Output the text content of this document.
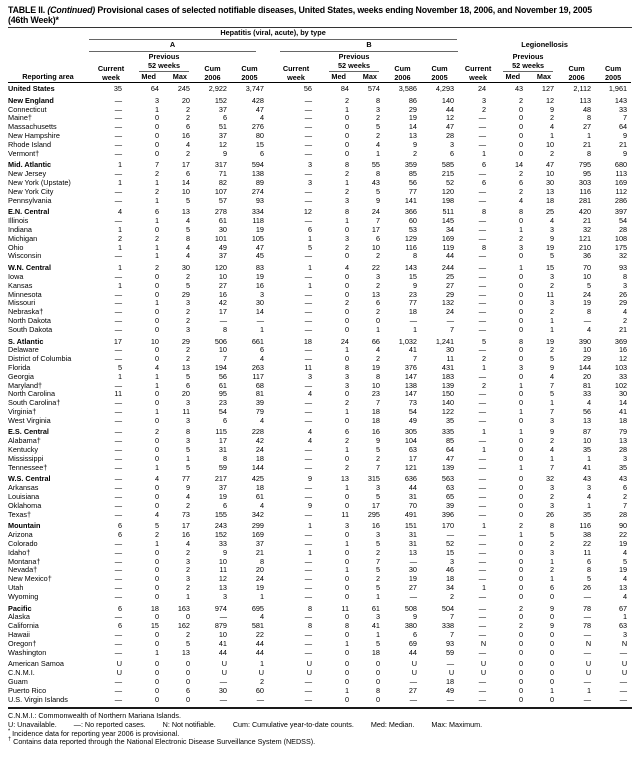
TABLE II. (Continued) Provisional cases of selected notifiable diseases, United States, weeks ending November 18, 2006, and November 19, 2005
(46th Week)*
Reporting area	Hepatitis (viral, acute), by type														

	A					B					Legionellosis				
Current
week	
Previous
52 weeks	Cum
2006	Cum
2005	Current
week	
Previous
52 weeks	Cum
2006	Cum
2005	Current
week	
Previous
52 weeks	Cum
2006	Cum
2005
		Med	Max				Med	Max				Med	Max		
United States	35	64	245	2,922	3,747	56	84	574	3,586	4,293	24	43	127	2,112	1,961
New England	—	3	20	152	428	—	2	8	86	140	3	2	12	113	143
Connecticut	—	1	2	37	47	—	1	3	29	44	2	0	9	48	33
Maine†	—	0	2	6	4	—	0	2	19	12	—	0	2	8	7
Massachusetts	—	0	6	51	276	—	0	5	14	47	—	0	4	27	64
New Hampshire	—	0	16	37	80	—	0	2	13	28	—	0	1	1	9
Rhode Island	—	0	4	12	15	—	0	4	9	3	—	0	10	21	21
Vermont†	—	0	2	9	6	—	0	1	2	6	1	0	2	8	9
Mid. Atlantic	1	7	17	317	594	3	8	55	359	585	6	14	47	795	680
New Jersey	—	2	6	71	138	—	2	8	85	215	—	2	10	95	113
New York (Upstate)	1	1	14	82	89	3	1	43	56	52	6	6	30	303	169
New York City	—	2	10	107	274	—	2	5	77	120	—	2	13	116	112
Pennsylvania	—	1	5	57	93	—	3	9	141	198	—	4	18	281	286
E.N. Central	4	6	13	278	334	12	8	24	366	511	8	8	25	420	397
Illinois	—	1	4	61	118	—	1	7	60	145	—	0	4	21	54
Indiana	1	0	5	30	19	6	0	17	53	34	—	1	3	32	28
Michigan	2	2	8	101	105	1	3	6	129	169	—	2	9	121	108
Ohio	1	1	4	49	47	5	2	10	116	119	8	3	19	210	175
Wisconsin	—	1	4	37	45	—	0	2	8	44	—	0	5	36	32
W.N. Central	1	2	30	120	83	1	4	22	143	244	—	1	15	70	93
Iowa	—	0	2	10	19	—	0	3	15	25	—	0	3	10	8
Kansas	1	0	5	27	16	1	0	2	9	27	—	0	2	5	3
Minnesota	—	0	29	16	3	—	0	13	23	29	—	0	11	24	26
Missouri	—	1	3	42	30	—	2	6	77	132	—	0	3	19	29
Nebraska†	—	0	2	17	14	—	0	2	18	24	—	0	2	8	4
North Dakota	—	0	2	—	—	—	0	0	—	—	—	0	1	—	2
South Dakota	—	0	3	8	1	—	0	1	1	7	—	0	1	4	21
S. Atlantic	17	10	29	506	661	18	24	66	1,032	1,241	5	8	19	390	369
Delaware	—	0	2	10	6	—	1	4	41	30	—	0	2	10	16
District of Columbia	—	0	2	7	4	—	0	2	7	11	2	0	5	29	12
Florida	5	4	13	194	263	11	8	19	376	431	1	3	9	144	103
Georgia	1	1	5	56	117	3	3	8	147	183	—	0	4	20	33
Maryland†	—	1	6	61	68	—	3	10	138	139	2	1	7	81	102
North Carolina	11	0	20	95	81	4	0	23	147	150	—	0	5	33	30
South Carolina†	—	0	3	23	39	—	2	7	73	140	—	0	1	4	14
Virginia†	—	1	11	54	79	—	1	18	54	122	—	1	7	56	41
West Virginia	—	0	3	6	4	—	0	18	49	35	—	0	3	13	18
E.S. Central	—	2	8	115	228	4	6	16	305	335	1	1	9	87	79
Alabama†	—	0	3	17	42	4	2	9	104	85	—	0	2	10	13
Kentucky	—	0	5	31	24	—	1	5	63	64	1	0	4	35	28
Mississippi	—	0	1	8	18	—	0	2	17	47	—	0	1	1	3
Tennessee†	—	1	5	59	144	—	2	7	121	139	—	1	7	41	35
W.S. Central	—	4	77	217	425	9	13	315	636	563	—	0	32	43	43
Arkansas	—	0	9	37	18	—	1	3	44	63	—	0	3	3	6
Louisiana	—	0	4	19	61	—	0	5	31	65	—	0	2	4	2
Oklahoma	—	0	2	6	4	9	0	17	70	39	—	0	3	1	7
Texas†	—	4	73	155	342	—	11	295	491	396	—	0	26	35	28
Mountain	6	5	17	243	299	1	3	16	151	170	1	2	8	116	90
Arizona	6	2	16	152	169	—	0	3	31	—	—	1	5	38	22
Colorado	—	1	4	33	37	—	1	5	31	52	—	0	2	22	19
Idaho†	—	0	2	9	21	1	0	2	13	15	—	0	3	11	4
Montana†	—	0	3	10	8	—	0	7	—	3	—	0	1	6	5
Nevada†	—	0	2	11	20	—	1	5	30	46	—	0	2	8	19
New Mexico†	—	0	3	12	24	—	0	2	19	18	—	0	1	5	4
Utah	—	0	2	13	19	—	0	5	27	34	1	0	6	26	13
Wyoming	—	0	1	3	1	—	0	1	—	2	—	0	0	—	4
Pacific	6	18	163	974	695	8	11	61	508	504	—	2	9	78	67
Alaska	—	0	0	—	4	—	0	3	9	7	—	0	0	—	1
California	6	15	162	879	581	8	8	41	380	338	—	2	9	78	63
Hawaii	—	0	2	10	22	—	0	1	6	7	—	0	0	—	3
Oregon†	—	0	5	41	44	—	1	5	69	93	N	0	0	N	N
Washington	—	1	13	44	44	—	0	18	44	59	—	0	0	—	—
American Samoa	U	0	0	U	1	U	0	0	U	—	U	0	0	U	U
C.N.M.I.	U	0	0	U	U	U	0	0	U	U	U	0	0	U	U
Guam	—	0	0	—	2	—	0	0	—	18	—	0	0	—	—
Puerto Rico	—	0	6	30	60	—	1	8	27	49	—	0	1	1	—
U.S. Virgin Islands	—	0	0	—	—	—	0	0	—	—	—	0	0	—	—
C.N.M.I.: Commonwealth of Northern Mariana Islands.
U: Unavailable. —: No reported cases. N: Not notifiable. Cum: Cumulative year-to-date counts. Med: Median. Max: Maximum.
* Incidence data for reporting year 2006 is provisional.
† Contains data reported through the National Electronic Disease Surveillance System (NEDSS).
